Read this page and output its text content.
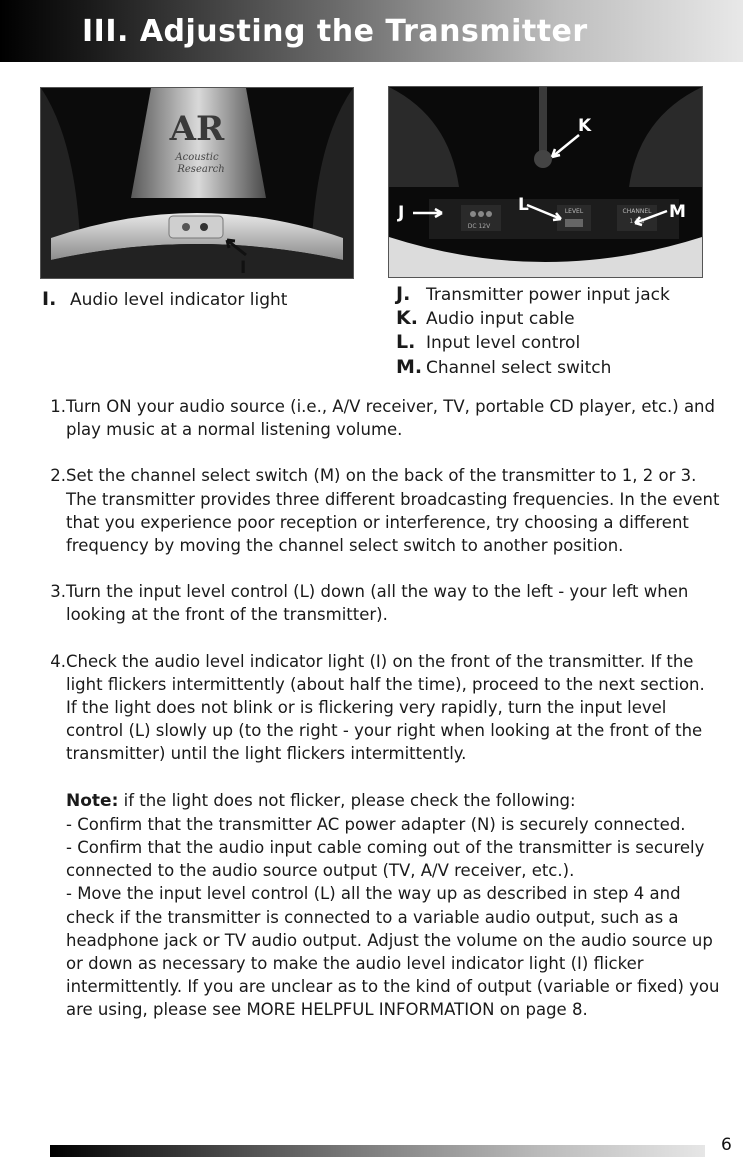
III. Adjusting the Transmitter
AR
Acoustic
Research
I
DC 12V
LEVEL	CHANNEL
1 2 3
K
J	L	M
I. Audio level indicator light	J. Transmitter power input jack
K. Audio input cable
L. Input level control
M. Channel select switch
1. Turn ON your audio source (i.e., A/V receiver, TV, portable CD player, etc.) and play music at a normal listening volume.
2. Set the channel select switch (M) on the back of the transmitter to 1, 2 or 3. The transmitter provides three different broadcasting frequencies. In the event that you experience poor reception or interference, try choosing a different frequency by moving the channel select switch to another position.
3. Turn the input level control (L) down (all the way to the left - your left when looking at the front of the transmitter).
4. Check the audio level indicator light (I) on the front of the transmitter. If the light flickers intermittently (about half the time), proceed to the next section. If the light does not blink or is flickering very rapidly, turn the input level control (L) slowly up (to the right - your right when looking at the front of the transmitter) until the light flickers intermittently.
Note: if the light does not flicker, please check the following:
- Confirm that the transmitter AC power adapter (N) is securely connected.
- Confirm that the audio input cable coming out of the transmitter is securely connected to the audio source output (TV, A/V receiver, etc.).
- Move the input level control (L) all the way up as described in step 4 and check if the transmitter is connected to a variable audio output, such as a headphone jack or TV audio output. Adjust the volume on the audio source up or down as necessary to make the audio level indicator light (I) flicker intermittently. If you are unclear as to the kind of output (variable or fixed) you are using, please see MORE HELPFUL INFORMATION on page 8.
6
